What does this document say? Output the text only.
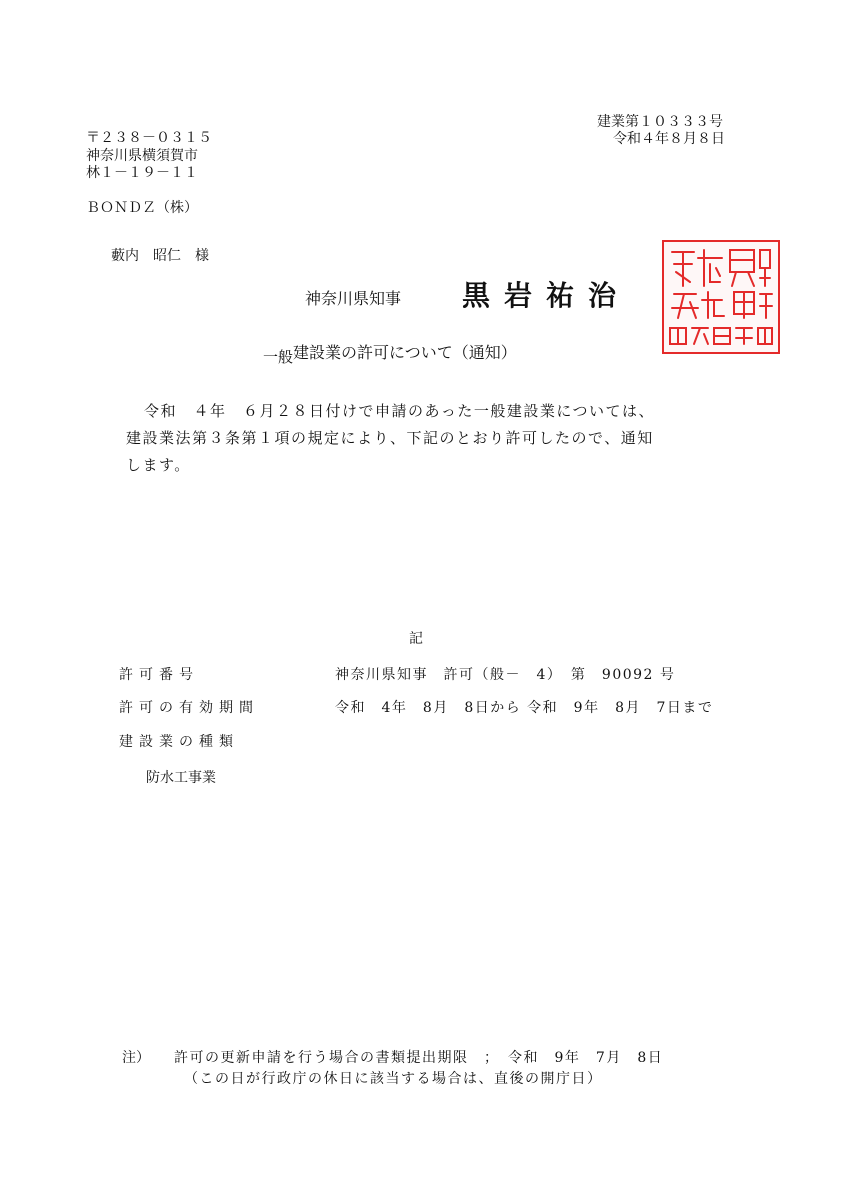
建業第１０３３３号
令和４年８月８日
〒２３８－０３１５
神奈川県横須賀市
林１－１９－１１
ＢＯＮＤＺ（株）
藪内　昭仁　様
神奈川県知事 黒岩祐治
一般建設業の許可について（通知）
令和　４年　６月２８日付けで申請のあった一般建設業については、
建設業法第３条第１項の規定により、下記のとおり許可したので、通知
します。
記
許可番号	神奈川県知事　許可（般－　4）　第　90092 号
許可の有効期間	令和　4年　8月　8日から 令和　9年　8月　7日まで
建設業の種類
防水工事業
注） 許可の更新申請を行う場合の書類提出期限　；　令和　9年　7月　8日
（この日が行政庁の休日に該当する場合は、直後の開庁日）
